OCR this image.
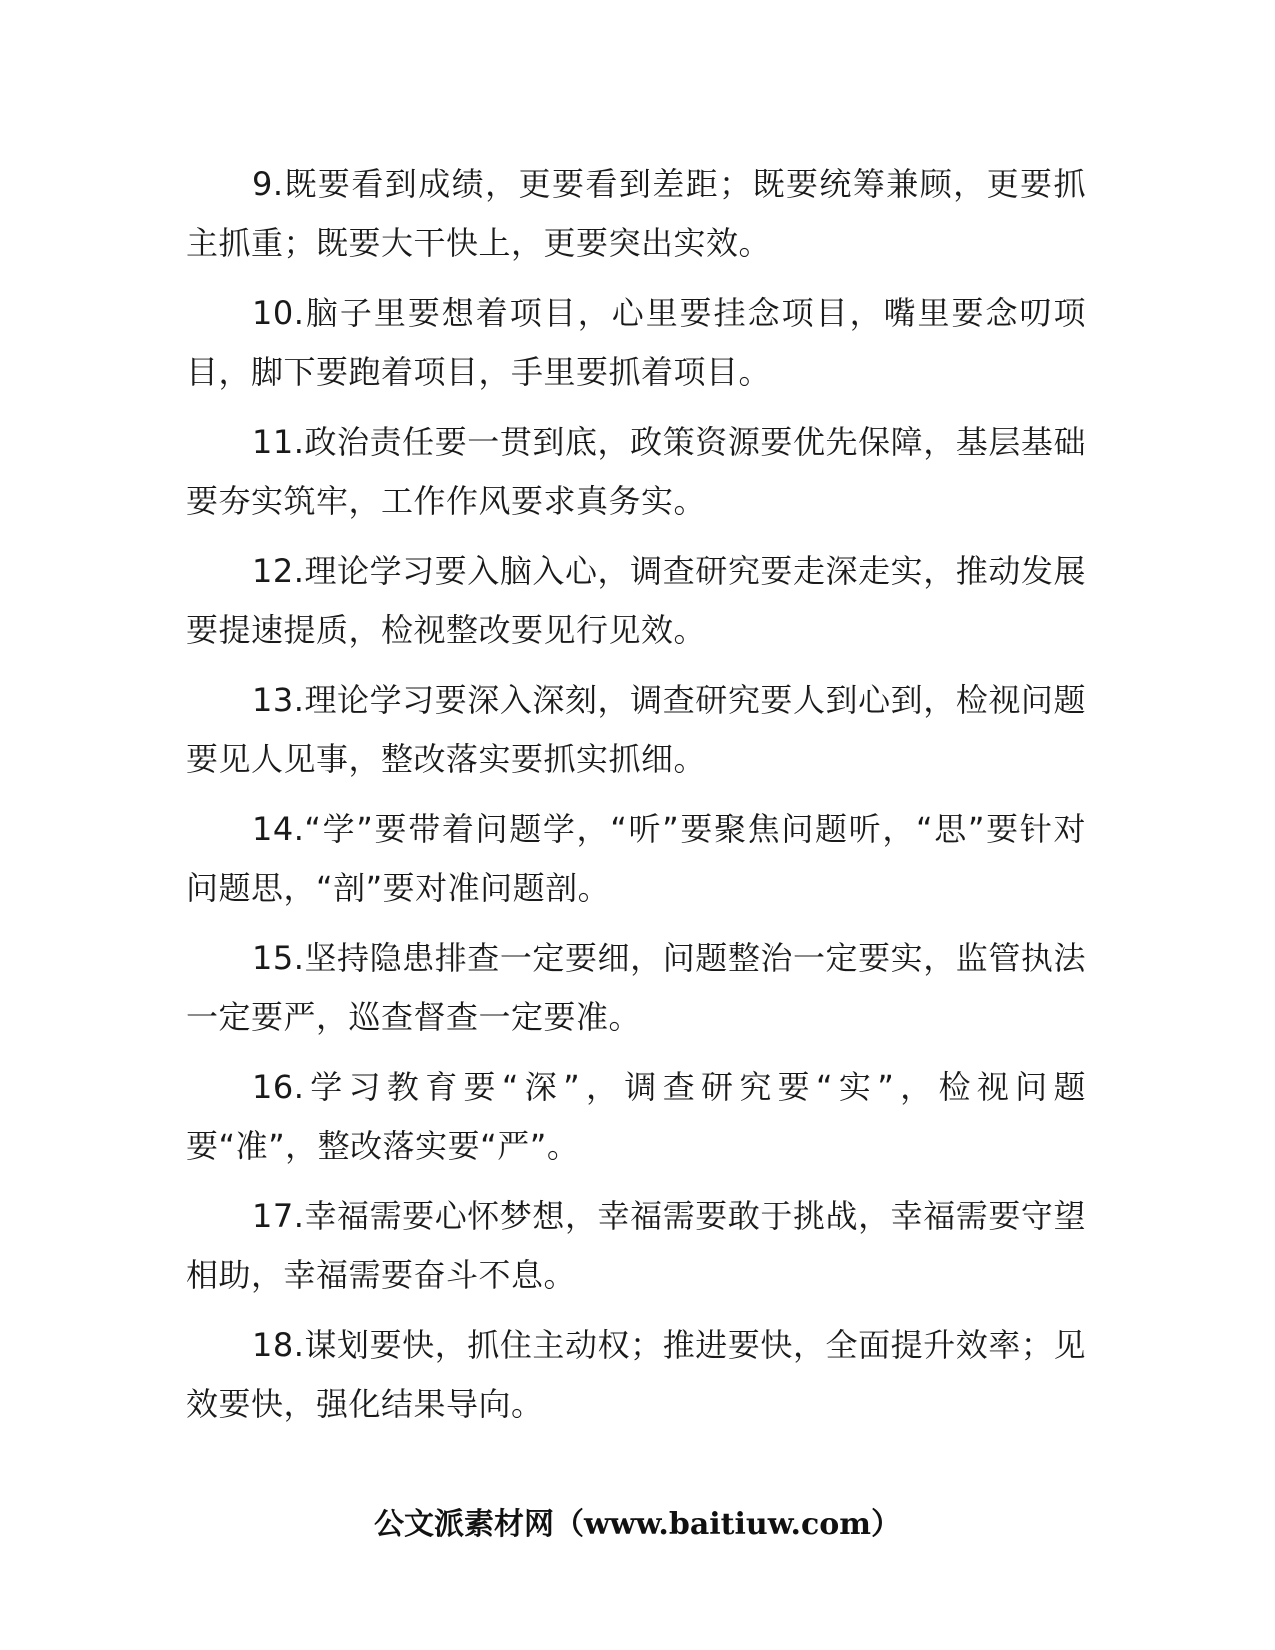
9.既要看到成绩，更要看到差距；既要统筹兼顾，更要抓主抓重；既要大干快上，更要突出实效。

10.脑子里要想着项目，心里要挂念项目，嘴里要念叨项目，脚下要跑着项目，手里要抓着项目。

11.政治责任要一贯到底，政策资源要优先保障，基层基础要夯实筑牢，工作作风要求真务实。

12.理论学习要入脑入心，调查研究要走深走实，推动发展要提速提质，检视整改要见行见效。

13.理论学习要深入深刻，调查研究要人到心到，检视问题要见人见事，整改落实要抓实抓细。

14.“学”要带着问题学，“听”要聚焦问题听，“思”要针对问题思，“剖”要对准问题剖。

15.坚持隐患排查一定要细，问题整治一定要实，监管执法一定要严，巡查督查一定要准。

16.学习教育要“深”，调查研究要“实”，检视问题要“准”，整改落实要“严”。

17.幸福需要心怀梦想，幸福需要敢于挑战，幸福需要守望相助，幸福需要奋斗不息。

18.谋划要快，抓住主动权；推进要快，全面提升效率；见效要快，强化结果导向。

公文派素材网（www.baitiuw.com）
